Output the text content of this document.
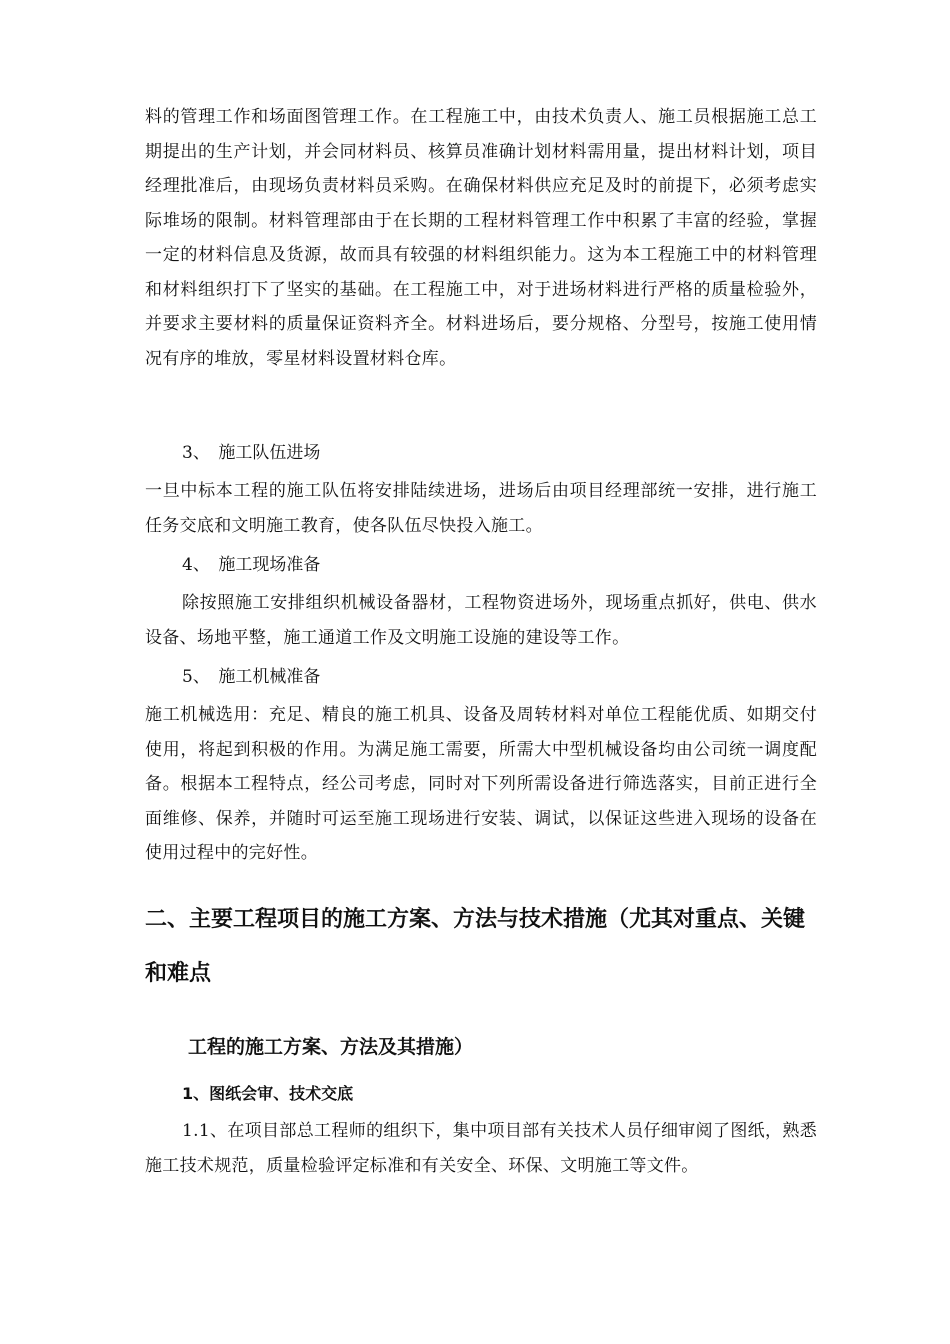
料的管理工作和场面图管理工作。在工程施工中，由技术负责人、施工员根据施工总工期提出的生产计划，并会同材料员、核算员准确计划材料需用量，提出材料计划，项目经理批准后，由现场负责材料员采购。在确保材料供应充足及时的前提下，必须考虑实际堆场的限制。材料管理部由于在长期的工程材料管理工作中积累了丰富的经验，掌握一定的材料信息及货源，故而具有较强的材料组织能力。这为本工程施工中的材料管理和材料组织打下了坚实的基础。在工程施工中，对于进场材料进行严格的质量检验外，并要求主要材料的质量保证资料齐全。材料进场后，要分规格、分型号，按施工使用情况有序的堆放，零星材料设置材料仓库。

3、　施工队伍进场

一旦中标本工程的施工队伍将安排陆续进场，进场后由项目经理部统一安排，进行施工任务交底和文明施工教育，使各队伍尽快投入施工。

4、　施工现场准备

除按照施工安排组织机械设备器材，工程物资进场外，现场重点抓好，供电、供水设备、场地平整，施工通道工作及文明施工设施的建设等工作。

5、　施工机械准备

施工机械选用：充足、精良的施工机具、设备及周转材料对单位工程能优质、如期交付使用，将起到积极的作用。为满足施工需要，所需大中型机械设备均由公司统一调度配备。根据本工程特点，经公司考虑，同时对下列所需设备进行筛选落实，目前正进行全面维修、保养，并随时可运至施工现场进行安装、调试，以保证这些进入现场的设备在使用过程中的完好性。

二、主要工程项目的施工方案、方法与技术措施（尤其对重点、关键和难点
工程的施工方案、方法及其措施）
1、图纸会审、技术交底

1.1、在项目部总工程师的组织下，集中项目部有关技术人员仔细审阅了图纸，熟悉施工技术规范，质量检验评定标准和有关安全、环保、文明施工等文件。
